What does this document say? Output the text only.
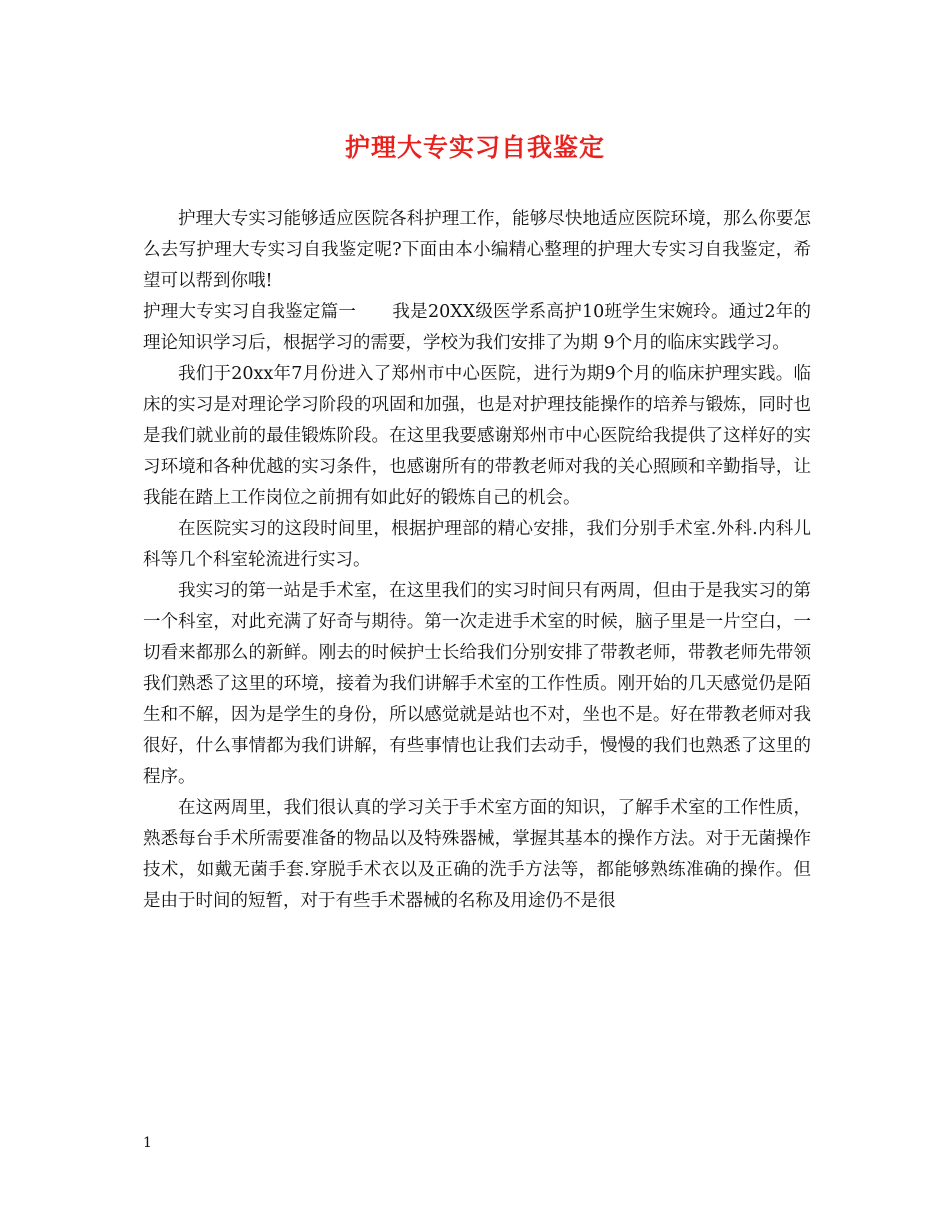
护理大专实习自我鉴定

护理大专实习能够适应医院各科护理工作，能够尽快地适应医院环境，那么你要怎么去写护理大专实习自我鉴定呢?下面由本小编精心整理的护理大专实习自我鉴定，希望可以帮到你哦!

护理大专实习自我鉴定篇一 我是20XX级医学系高护10班学生宋婉玲。通过2年的理论知识学习后，根据学习的需要，学校为我们安排了为期 9个月的临床实践学习。

我们于20xx年7月份进入了郑州市中心医院，进行为期9个月的临床护理实践。临床的实习是对理论学习阶段的巩固和加强，也是对护理技能操作的培养与锻炼，同时也是我们就业前的最佳锻炼阶段。在这里我要感谢郑州市中心医院给我提供了这样好的实习环境和各种优越的实习条件，也感谢所有的带教老师对我的关心照顾和辛勤指导，让我能在踏上工作岗位之前拥有如此好的锻炼自己的机会。

在医院实习的这段时间里，根据护理部的精心安排，我们分别手术室.外科.内科儿科等几个科室轮流进行实习。

我实习的第一站是手术室，在这里我们的实习时间只有两周，但由于是我实习的第一个科室，对此充满了好奇与期待。第一次走进手术室的时候，脑子里是一片空白，一切看来都那么的新鲜。刚去的时候护士长给我们分别安排了带教老师，带教老师先带领我们熟悉了这里的环境，接着为我们讲解手术室的工作性质。刚开始的几天感觉仍是陌生和不解，因为是学生的身份，所以感觉就是站也不对，坐也不是。好在带教老师对我很好，什么事情都为我们讲解，有些事情也让我们去动手，慢慢的我们也熟悉了这里的程序。

在这两周里，我们很认真的学习关于手术室方面的知识，了解手术室的工作性质，熟悉每台手术所需要准备的物品以及特殊器械，掌握其基本的操作方法。对于无菌操作技术，如戴无菌手套.穿脱手术衣以及正确的洗手方法等，都能够熟练准确的操作。但是由于时间的短暂，对于有些手术器械的名称及用途仍不是很

1
